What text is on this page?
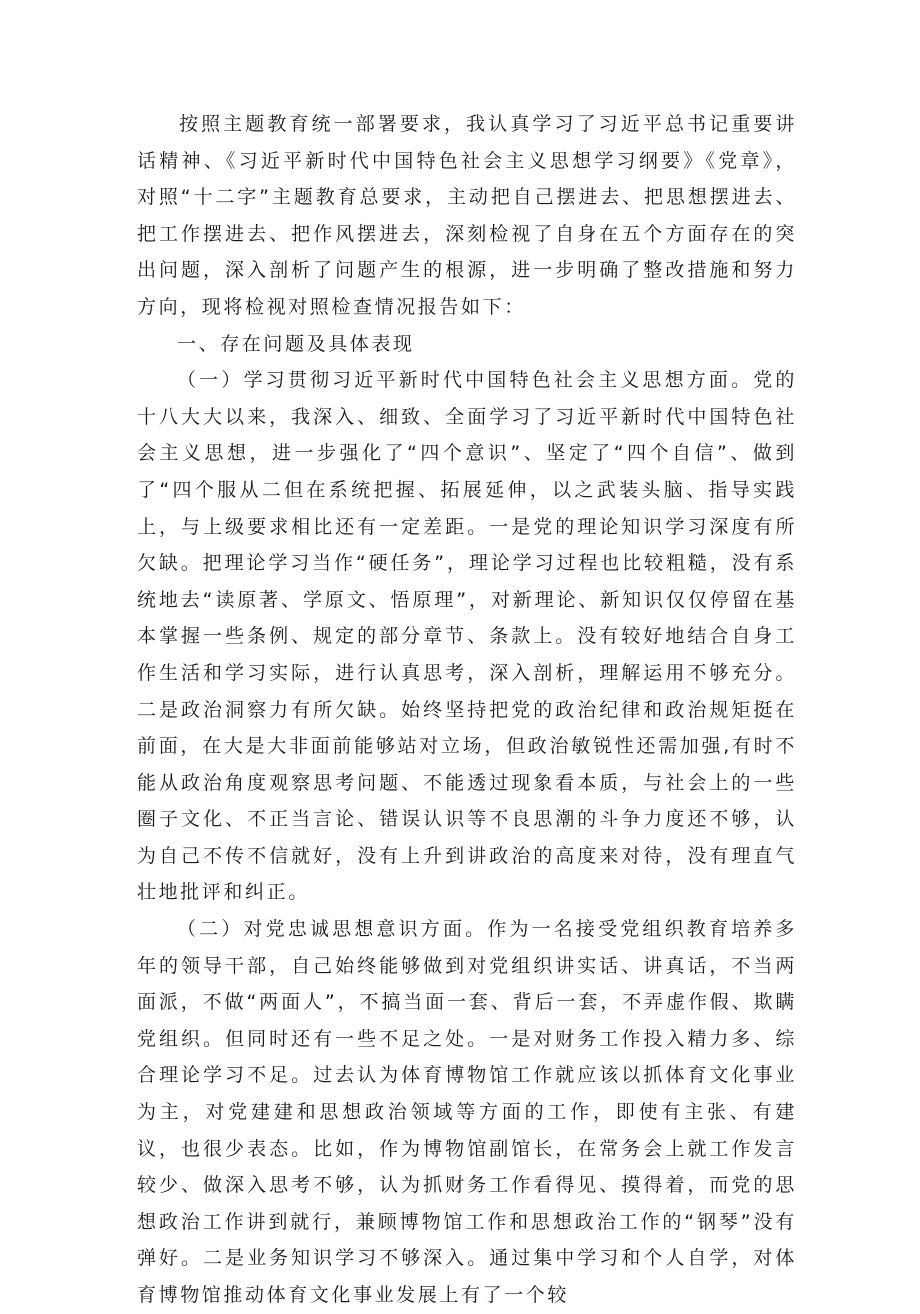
按照主题教育统一部署要求，我认真学习了习近平总书记重要讲话精神、《习近平新时代中国特色社会主义思想学习纲要》《党章》，对照“十二字”主题教育总要求，主动把自己摆进去、把思想摆进去、把工作摆进去、把作风摆进去，深刻检视了自身在五个方面存在的突出问题，深入剖析了问题产生的根源，进一步明确了整改措施和努力方向，现将检视对照检查情况报告如下：

一、存在问题及具体表现

（一）学习贯彻习近平新时代中国特色社会主义思想方面。党的十八大大以来，我深入、细致、全面学习了习近平新时代中国特色社会主义思想，进一步强化了“四个意识”、坚定了“四个自信”、做到了“四个服从二但在系统把握、拓展延伸，以之武装头脑、指导实践上，与上级要求相比还有一定差距。一是党的理论知识学习深度有所欠缺。把理论学习当作“硬任务”，理论学习过程也比较粗糙，没有系统地去“读原著、学原文、悟原理”，对新理论、新知识仅仅停留在基本掌握一些条例、规定的部分章节、条款上。没有较好地结合自身工作生活和学习实际，进行认真思考，深入剖析，理解运用不够充分。二是政治洞察力有所欠缺。始终坚持把党的政治纪律和政治规矩挺在前面，在大是大非面前能够站对立场，但政治敏锐性还需加强,有时不能从政治角度观察思考问题、不能透过现象看本质，与社会上的一些圈子文化、不正当言论、错误认识等不良思潮的斗争力度还不够，认为自己不传不信就好，没有上升到讲政治的高度来对待，没有理直气壮地批评和纠正。

（二）对党忠诚思想意识方面。作为一名接受党组织教育培养多年的领导干部，自己始终能够做到对党组织讲实话、讲真话，不当两面派，不做“两面人”，不搞当面一套、背后一套，不弄虚作假、欺瞒党组织。但同时还有一些不足之处。一是对财务工作投入精力多、综合理论学习不足。过去认为体育博物馆工作就应该以抓体育文化事业为主，对党建建和思想政治领域等方面的工作，即使有主张、有建议，也很少表态。比如，作为博物馆副馆长，在常务会上就工作发言较少、做深入思考不够，认为抓财务工作看得见、摸得着，而党的思想政治工作讲到就行，兼顾博物馆工作和思想政治工作的“钢琴”没有弹好。二是业务知识学习不够深入。通过集中学习和个人自学，对体育博物馆推动体育文化事业发展上有了一个较
